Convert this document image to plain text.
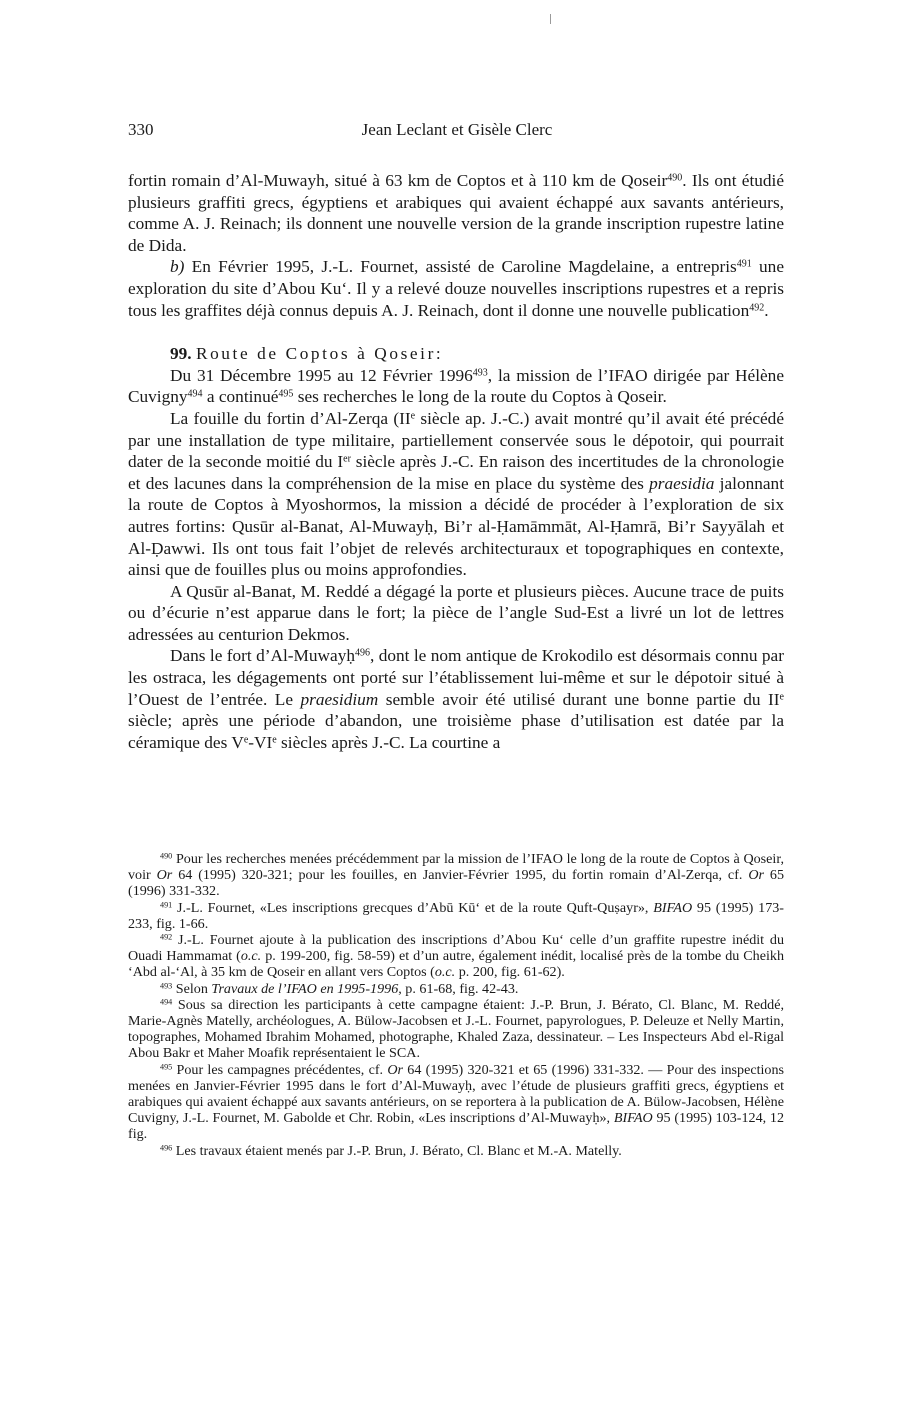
330	Jean Leclant et Gisèle Clerc

fortin romain d’Al-Muwayh, situé à 63 km de Coptos et à 110 km de Qoseir$^{490}$. Ils ont étudié plusieurs graffiti grecs, égyptiens et arabiques qui avaient échappé aux savants antérieurs, comme A. J. Reinach; ils donnent une nouvelle version de la grande inscription rupestre latine de Dida.

b) En Février 1995, J.-L. Fournet, assisté de Caroline Magdelaine, a entrepris$^{491}$ une exploration du site d’Abou Ku‘. Il y a relevé douze nouvelles inscriptions rupestres et a repris tous les graffites déjà connus depuis A. J. Reinach, dont il donne une nouvelle publication$^{492}$.

99. Route de Coptos à Qoseir:

Du 31 Décembre 1995 au 12 Février 1996$^{493}$, la mission de l’IFAO dirigée par Hélène Cuvigny$^{494}$ a continué$^{495}$ ses recherches le long de la route du Coptos à Qoseir.

La fouille du fortin d’Al-Zerqa (IIe siècle ap. J.-C.) avait montré qu’il avait été précédé par une installation de type militaire, partiellement conservée sous le dépotoir, qui pourrait dater de la seconde moitié du Ier siècle après J.-C. En raison des incertitudes de la chronologie et des lacunes dans la compréhension de la mise en place du système des praesidia jalonnant la route de Coptos à Myoshormos, la mission a décidé de procéder à l’exploration de six autres fortins: Qusūr al-Banat, Al-Muwayḥ, Bi’r al-Ḥamāmmāt, Al-Ḥamrā, Bi’r Sayyālah et Al-Ḍawwi. Ils ont tous fait l’objet de relevés architecturaux et topographiques en contexte, ainsi que de fouilles plus ou moins approfondies.

A Qusūr al-Banat, M. Reddé a dégagé la porte et plusieurs pièces. Aucune trace de puits ou d’écurie n’est apparue dans le fort; la pièce de l’angle Sud-Est a livré un lot de lettres adressées au centurion Dekmos.

Dans le fort d’Al-Muwayḥ$^{496}$, dont le nom antique de Krokodilo est désormais connu par les ostraca, les dégagements ont porté sur l’établissement lui-même et sur le dépotoir situé à l’Ouest de l’entrée. Le praesidium semble avoir été utilisé durant une bonne partie du IIe siècle; après une période d’abandon, une troisième phase d’utilisation est datée par la céramique des Ve-VIe siècles après J.-C. La courtine a

$^{490}$ Pour les recherches menées précédemment par la mission de l’IFAO le long de la route de Coptos à Qoseir, voir Or 64 (1995) 320-321; pour les fouilles, en Janvier-Février 1995, du fortin romain d’Al-Zerqa, cf. Or 65 (1996) 331-332.

$^{491}$ J.-L. Fournet, «Les inscriptions grecques d’Abū Kū‘ et de la route Quft-Quṣayr», BIFAO 95 (1995) 173-233, fig. 1-66.

$^{492}$ J.-L. Fournet ajoute à la publication des inscriptions d’Abou Ku‘ celle d’un graffite rupestre inédit du Ouadi Hammamat (o.c. p. 199-200, fig. 58-59) et d’un autre, également inédit, localisé près de la tombe du Cheikh ‘Abd al-‘Al, à 35 km de Qoseir en allant vers Coptos (o.c. p. 200, fig. 61-62).

$^{493}$ Selon Travaux de l’IFAO en 1995-1996, p. 61-68, fig. 42-43.

$^{494}$ Sous sa direction les participants à cette campagne étaient: J.-P. Brun, J. Bérato, Cl. Blanc, M. Reddé, Marie-Agnès Matelly, archéologues, A. Bülow-Jacobsen et J.-L. Fournet, papyrologues, P. Deleuze et Nelly Martin, topographes, Mohamed Ibrahim Mohamed, photographe, Khaled Zaza, dessinateur. – Les Inspecteurs Abd el-Rigal Abou Bakr et Maher Moafik représentaient le SCA.

$^{495}$ Pour les campagnes précédentes, cf. Or 64 (1995) 320-321 et 65 (1996) 331-332. — Pour des inspections menées en Janvier-Février 1995 dans le fort d’Al-Muwayḥ, avec l’étude de plusieurs graffiti grecs, égyptiens et arabiques qui avaient échappé aux savants antérieurs, on se reportera à la publication de A. Bülow-Jacobsen, Hélène Cuvigny, J.-L. Fournet, M. Gabolde et Chr. Robin, «Les inscriptions d’Al-Muwayḥ», BIFAO 95 (1995) 103-124, 12 fig.

$^{496}$ Les travaux étaient menés par J.-P. Brun, J. Bérato, Cl. Blanc et M.-A. Matelly.
